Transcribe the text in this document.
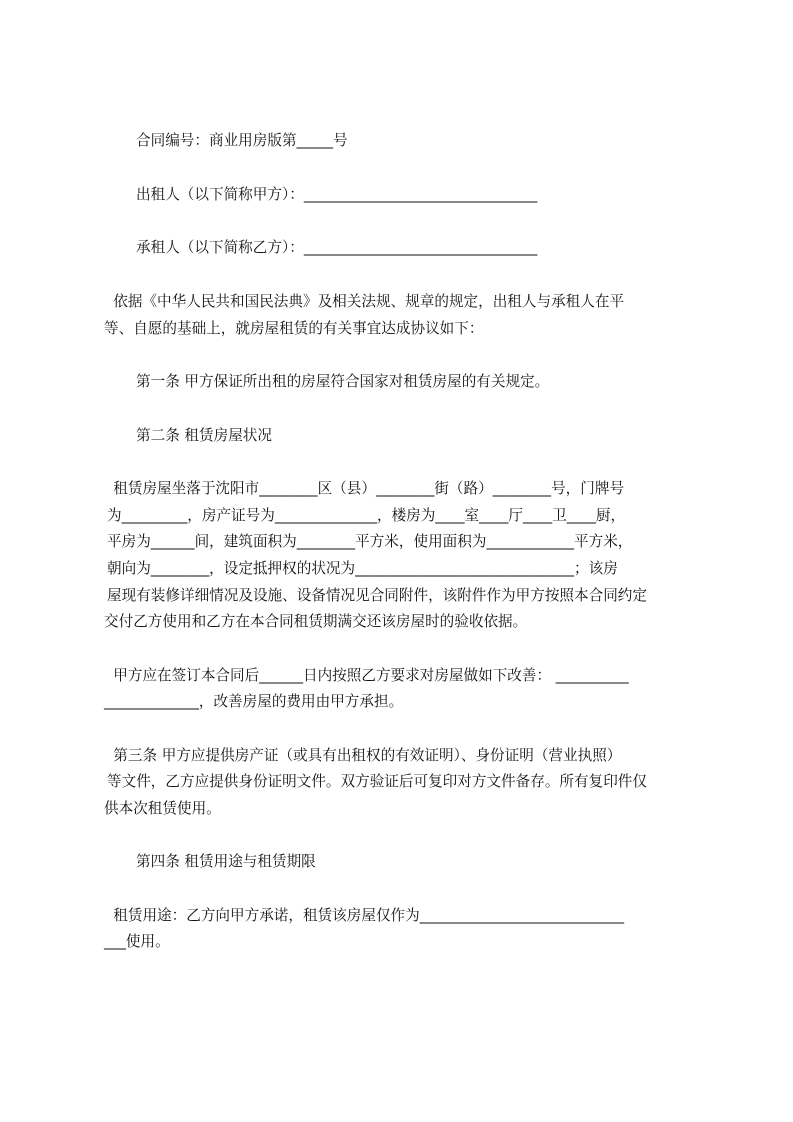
合同编号：商业用房版第_____号
出租人（以下简称甲方）：________________________________
承租人（以下简称乙方）：________________________________
依据《中华人民共和国民法典》及相关法规、规章的规定，出租人与承租人在平
等、自愿的基础上，就房屋租赁的有关事宜达成协议如下：
第一条 甲方保证所出租的房屋符合国家对租赁房屋的有关规定。
第二条 租赁房屋状况
租赁房屋坐落于沈阳市________区（县）________街（路）________号，门牌号
为_________，房产证号为______________，楼房为____室____厅____卫____厨，
平房为______间，建筑面积为________平方米，使用面积为____________平方米，
朝向为________，设定抵押权的状况为______________________________；该房
屋现有装修详细情况及设施、设备情况见合同附件，该附件作为甲方按照本合同约定
交付乙方使用和乙方在本合同租赁期满交还该房屋时的验收依据。
甲方应在签订本合同后______日内按照乙方要求对房屋做如下改善： __________
_____________，改善房屋的费用由甲方承担。
第三条 甲方应提供房产证（或具有出租权的有效证明）、身份证明（营业执照）
等文件，乙方应提供身份证明文件。双方验证后可复印对方文件备存。所有复印件仅
供本次租赁使用。
第四条 租赁用途与租赁期限
租赁用途：乙方向甲方承诺，租赁该房屋仅作为____________________________
___使用。
